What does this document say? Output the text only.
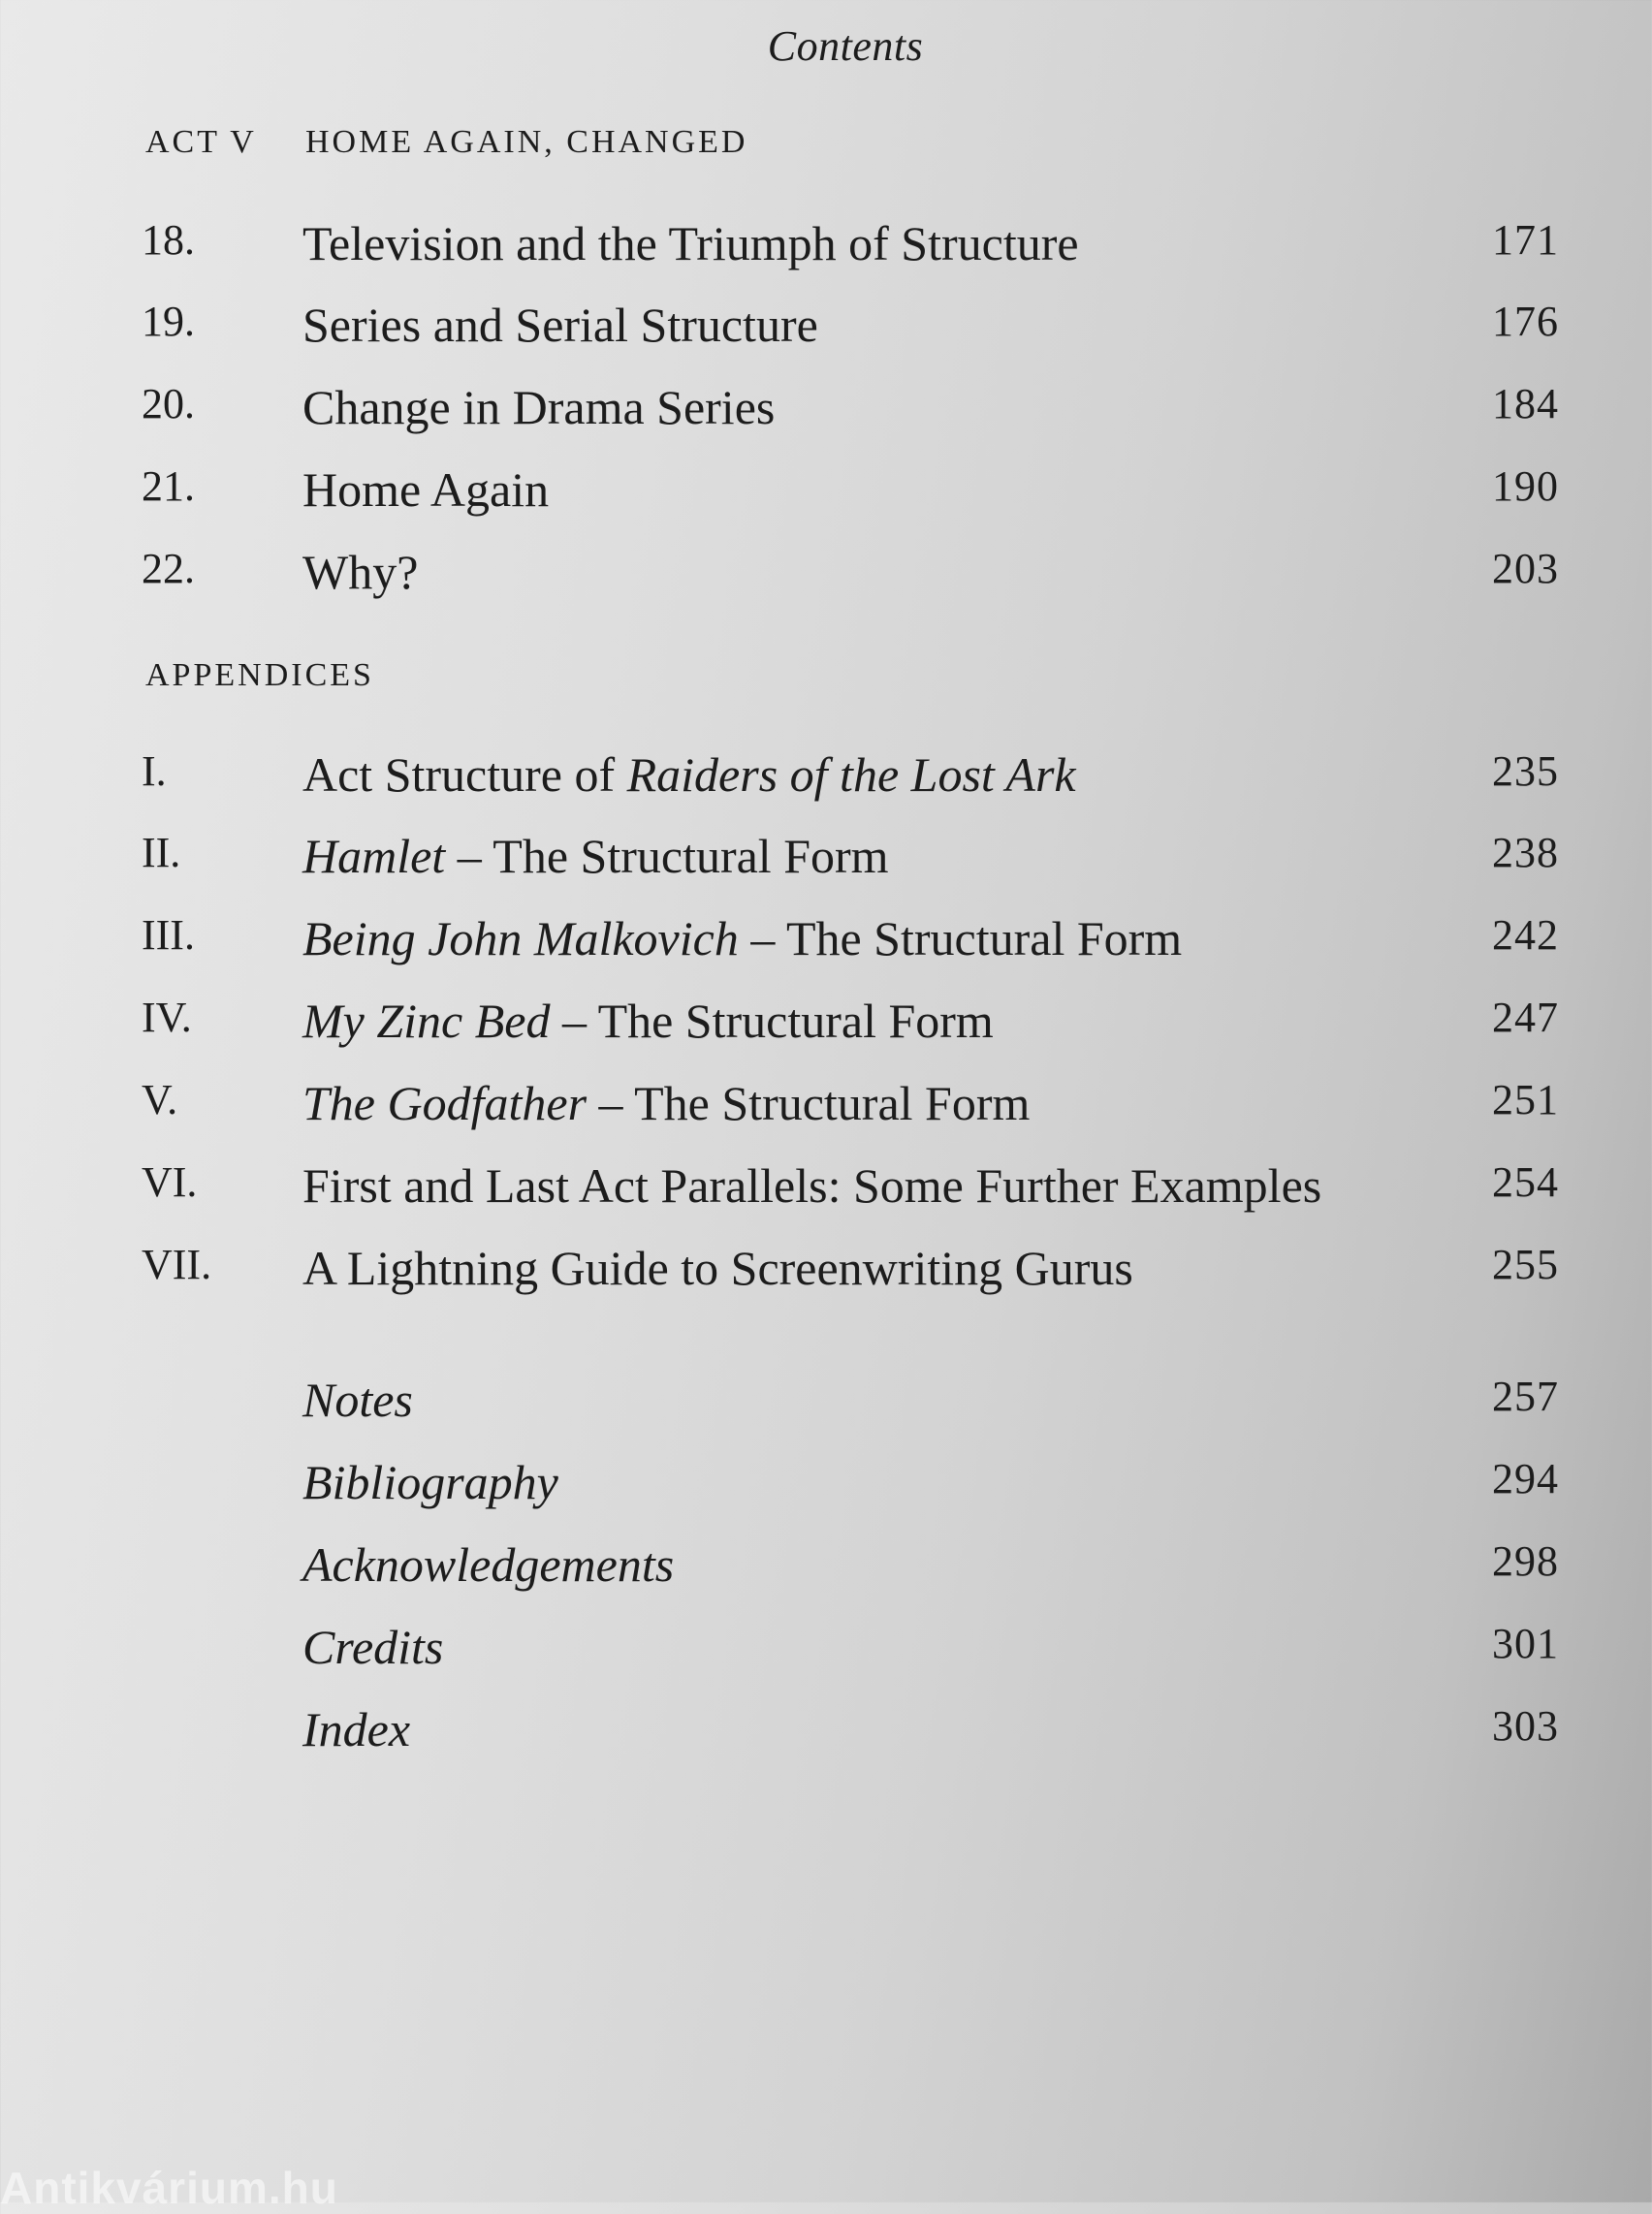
Contents
ACT V HOME AGAIN, CHANGED
18. Television and the Triumph of Structure	171
19. Series and Serial Structure	176
20. Change in Drama Series	184
21. Home Again	190
22. Why?	203
APPENDICES
I.	Act Structure of Raiders of the Lost Ark	235
II.	Hamlet – The Structural Form	238
III. Being John Malkovich – The Structural Form	242
IV. My Zinc Bed – The Structural Form	247
V.	The Godfather – The Structural Form	251
VI. First and Last Act Parallels: Some Further Examples	254
VII. A Lightning Guide to Screenwriting Gurus	255
Notes	257
Bibliography	294
Acknowledgements	298
Credits	301
Index	303
Antikvárium.hu
